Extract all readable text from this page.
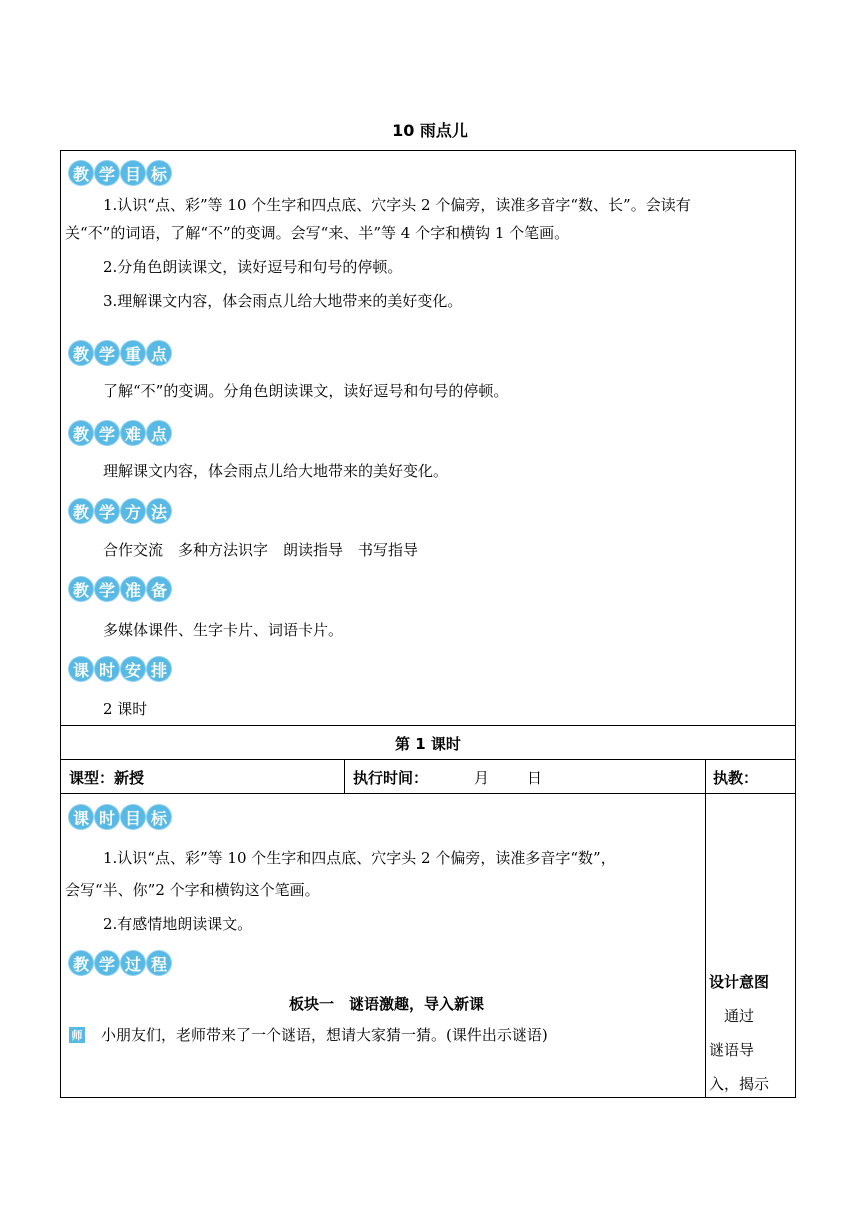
10 雨点儿
教 学 目 标
1.认识“点、彩”等 10 个生字和四点底、穴字头 2 个偏旁，读准多音字“数、长”。会读有
关“不”的词语，了解“不”的变调。会写“来、半”等 4 个字和横钩 1 个笔画。
2.分角色朗读课文，读好逗号和句号的停顿。
3.理解课文内容，体会雨点儿给大地带来的美好变化。
教 学 重 点
了解“不”的变调。分角色朗读课文，读好逗号和句号的停顿。
教 学 难 点
理解课文内容，体会雨点儿给大地带来的美好变化。
教 学 方 法
合作交流　多种方法识字　朗读指导　书写指导
教 学 准 备
多媒体课件、生字卡片、词语卡片。
课 时 安 排
2 课时
第 1 课时
课型：新授	执行时间：	月	日	执教：
课 时 目 标
1.认识“点、彩”等 10 个生字和四点底、穴字头 2 个偏旁，读准多音字“数”，
会写“半、你”2 个字和横钩这个笔画。
2.有感情地朗读课文。
教 学 过 程
板块一　谜语激趣，导入新课
师 小朋友们，老师带来了一个谜语，想请大家猜一猜。(课件出示谜语)
设计意图
　通过
谜语导
入，揭示
